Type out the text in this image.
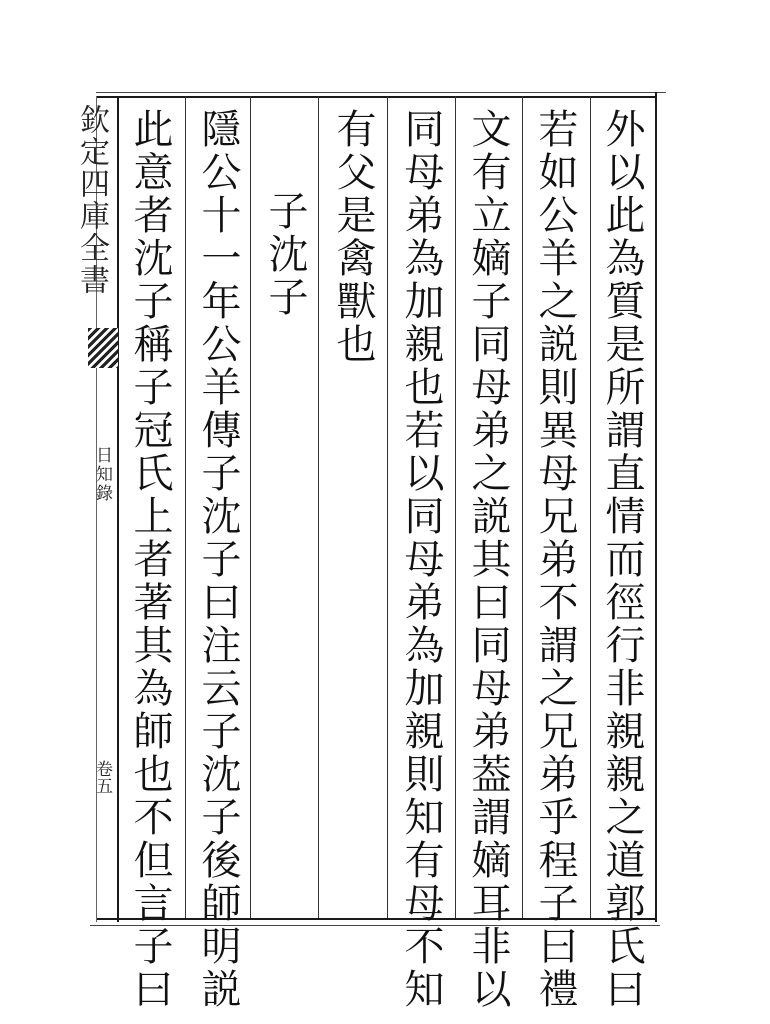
欽定四庫全書
日知錄
卷五	外以此為質是所謂直情而徑行非親親之道郭氏曰
若如公羊之説則異母兄弟不謂之兄弟乎程子曰禮
文有立嫡子同母弟之説其曰同母弟葢謂嫡耳非以
同母弟為加親也若以同母弟為加親則知有母不知
有父是禽獸也
子沈子
隱公十一年公羊傳子沈子曰注云子沈子後師明説
此意者沈子稱子冠氏上者著其為師也不但言子曰
